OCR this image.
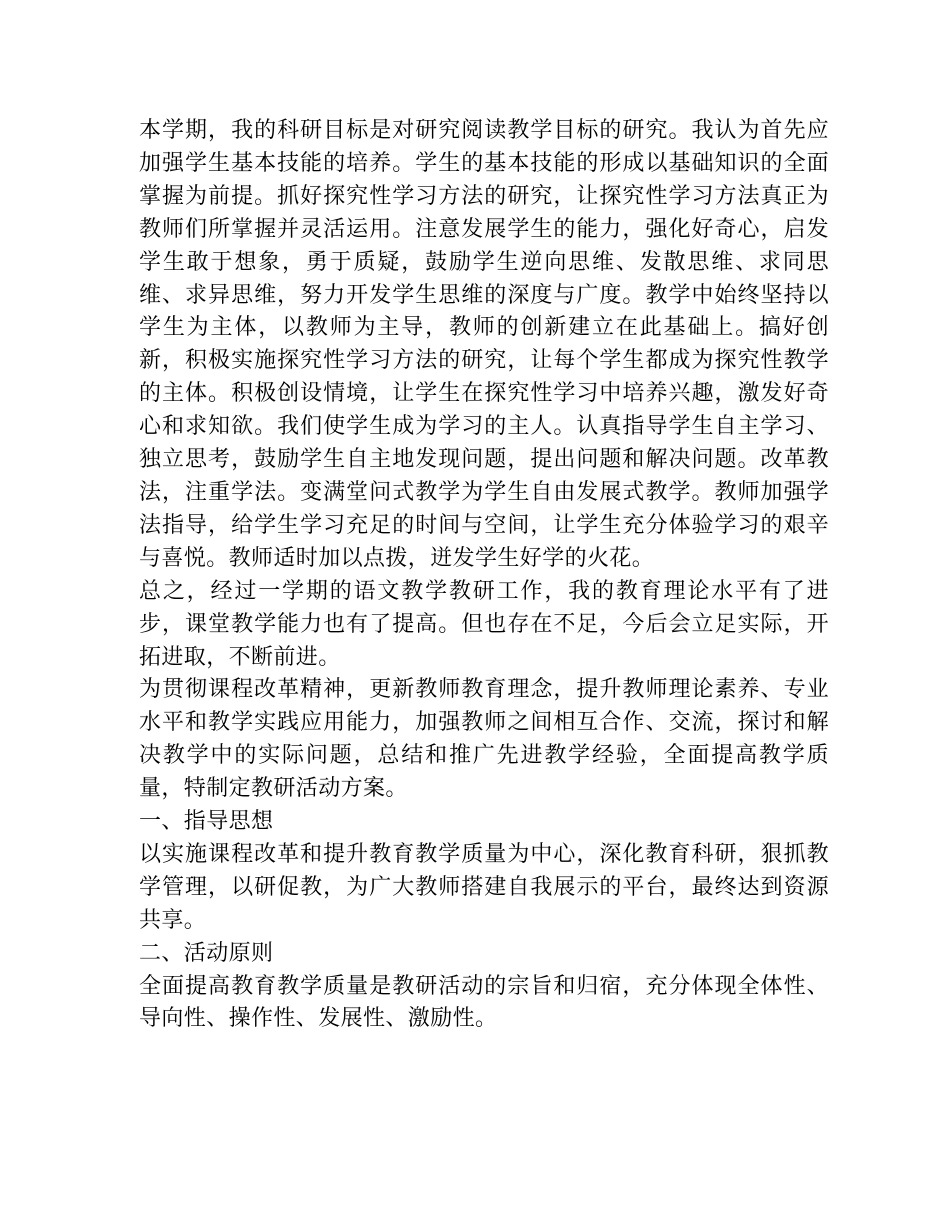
本学期，我的科研目标是对研究阅读教学目标的研究。我认为首先应加强学生基本技能的培养。学生的基本技能的形成以基础知识的全面掌握为前提。抓好探究性学习方法的研究，让探究性学习方法真正为教师们所掌握并灵活运用。注意发展学生的能力，强化好奇心，启发学生敢于想象，勇于质疑，鼓励学生逆向思维、发散思维、求同思维、求异思维，努力开发学生思维的深度与广度。教学中始终坚持以学生为主体，以教师为主导，教师的创新建立在此基础上。搞好创新，积极实施探究性学习方法的研究，让每个学生都成为探究性教学的主体。积极创设情境，让学生在探究性学习中培养兴趣，激发好奇心和求知欲。我们使学生成为学习的主人。认真指导学生自主学习、独立思考，鼓励学生自主地发现问题，提出问题和解决问题。改革教法，注重学法。变满堂问式教学为学生自由发展式教学。教师加强学法指导，给学生学习充足的时间与空间，让学生充分体验学习的艰辛与喜悦。教师适时加以点拨，迸发学生好学的火花。

总之，经过一学期的语文教学教研工作，我的教育理论水平有了进步，课堂教学能力也有了提高。但也存在不足，今后会立足实际，开拓进取，不断前进。

为贯彻课程改革精神，更新教师教育理念，提升教师理论素养、专业水平和教学实践应用能力，加强教师之间相互合作、交流，探讨和解决教学中的实际问题，总结和推广先进教学经验，全面提高教学质量，特制定教研活动方案。

一、指导思想

以实施课程改革和提升教育教学质量为中心，深化教育科研，狠抓教学管理，以研促教，为广大教师搭建自我展示的平台，最终达到资源共享。

二、活动原则

全面提高教育教学质量是教研活动的宗旨和归宿，充分体现全体性、导向性、操作性、发展性、激励性。
